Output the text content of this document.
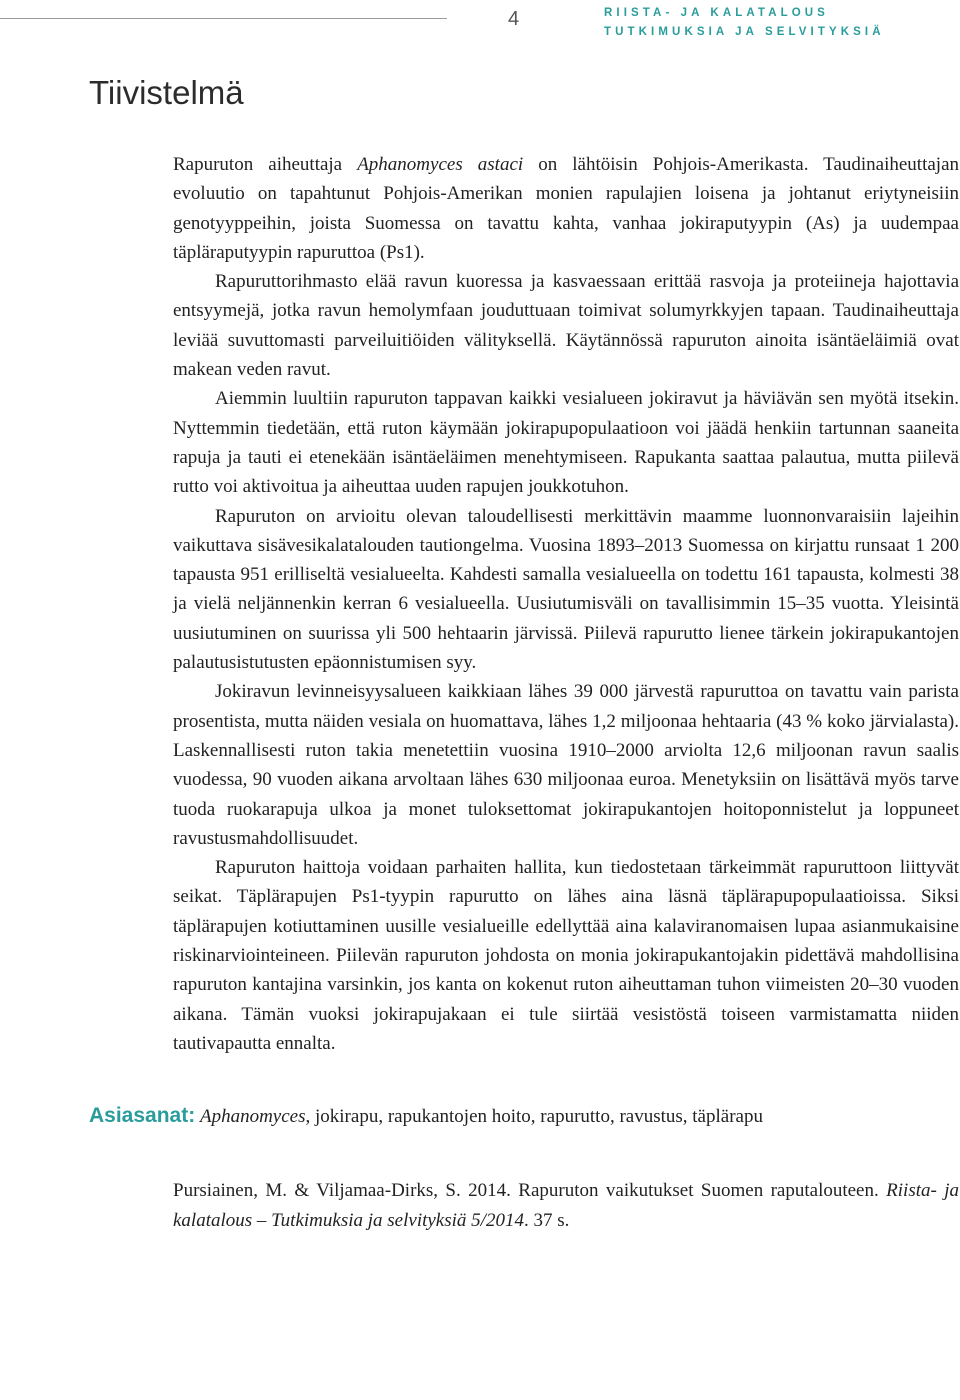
4	RIISTA- JA KALATALOUS
TUTKIMUKSIA JA SELVITYKSIÄ
Tiivistelmä

Rapuruton aiheuttaja Aphanomyces astaci on lähtöisin Pohjois-Amerikasta. Taudinaiheuttajan evoluutio on tapahtunut Pohjois-Amerikan monien rapulajien loisena ja johtanut eriytyneisiin genotyyppeihin, joista Suomessa on tavattu kahta, vanhaa jokiraputyypin (As) ja uudempaa täpläraputyypin rapuruttoa (Ps1).

Rapuruttorihmasto elää ravun kuoressa ja kasvaessaan erittää rasvoja ja proteiineja hajottavia entsyymejä, jotka ravun hemolymfaan jouduttuaan toimivat solumyrkkyjen tapaan. Taudinaiheuttaja leviää suvuttomasti parveiluitiöiden välityksellä. Käytännössä rapuruton ainoita isäntäeläimiä ovat makean veden ravut.

Aiemmin luultiin rapuruton tappavan kaikki vesialueen jokiravut ja häviävän sen myötä itsekin. Nyttemmin tiedetään, että ruton käymään jokirapupopulaatioon voi jäädä henkiin tartunnan saaneita rapuja ja tauti ei etenekään isäntäeläimen menehtymiseen. Rapukanta saattaa palautua, mutta piilevä rutto voi aktivoitua ja aiheuttaa uuden rapujen joukkotuhon.

Rapuruton on arvioitu olevan taloudellisesti merkittävin maamme luonnonvaraisiin lajeihin vaikuttava sisävesikalatalouden tautiongelma. Vuosina 1893–2013 Suomessa on kirjattu runsaat 1 200 tapausta 951 erilliseltä vesialueelta. Kahdesti samalla vesialueella on todettu 161 tapausta, kolmesti 38 ja vielä neljännenkin kerran 6 vesialueella. Uusiutumisväli on tavallisimmin 15–35 vuotta. Yleisintä uusiutuminen on suurissa yli 500 hehtaarin järvissä. Piilevä rapurutto lienee tärkein jokirapukantojen palautusistutusten epäonnistumisen syy.

Jokiravun levinneisyysalueen kaikkiaan lähes 39 000 järvestä rapuruttoa on tavattu vain parista prosentista, mutta näiden vesiala on huomattava, lähes 1,2 miljoonaa hehtaaria (43 % koko järvialasta). Laskennallisesti ruton takia menetettiin vuosina 1910–2000 arviolta 12,6 miljoonan ravun saalis vuodessa, 90 vuoden aikana arvoltaan lähes 630 miljoonaa euroa. Menetyksiin on lisättävä myös tarve tuoda ruokarapuja ulkoa ja monet tuloksettomat jokirapukantojen hoitoponnistelut ja loppuneet ravustusmahdollisuudet.

Rapuruton haittoja voidaan parhaiten hallita, kun tiedostetaan tärkeimmät rapuruttoon liittyvät seikat. Täplärapujen Ps1-tyypin rapurutto on lähes aina läsnä täplärapupopulaatioissa. Siksi täplärapujen kotiuttaminen uusille vesialueille edellyttää aina kalaviranomaisen lupaa asianmukaisine riskinarviointeineen. Piilevän rapuruton johdosta on monia jokirapukantojakin pidettävä mahdollisina rapuruton kantajina varsinkin, jos kanta on kokenut ruton aiheuttaman tuhon viimeisten 20–30 vuoden aikana. Tämän vuoksi jokirapujakaan ei tule siirtää vesistöstä toiseen varmistamatta niiden tautivapautta ennalta.

Asiasanat: Aphanomyces, jokirapu, rapukantojen hoito, rapurutto, ravustus, täplärapu

Pursiainen, M. & Viljamaa-Dirks, S. 2014. Rapuruton vaikutukset Suomen raputalouteen. Riista- ja kalatalous – Tutkimuksia ja selvityksiä 5/2014. 37 s.
